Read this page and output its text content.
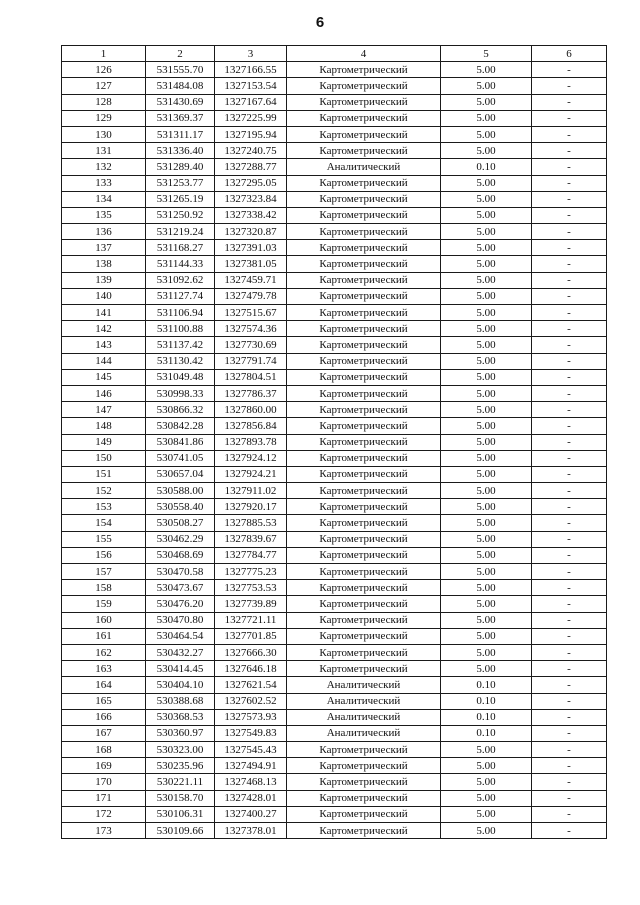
6
1	2	3	4	5	6
126	531555.70	1327166.55	Картометрический	5.00	-
127	531484.08	1327153.54	Картометрический	5.00	-
128	531430.69	1327167.64	Картометрический	5.00	-
129	531369.37	1327225.99	Картометрический	5.00	-
130	531311.17	1327195.94	Картометрический	5.00	-
131	531336.40	1327240.75	Картометрический	5.00	-
132	531289.40	1327288.77	Аналитический	0.10	-
133	531253.77	1327295.05	Картометрический	5.00	-
134	531265.19	1327323.84	Картометрический	5.00	-
135	531250.92	1327338.42	Картометрический	5.00	-
136	531219.24	1327320.87	Картометрический	5.00	-
137	531168.27	1327391.03	Картометрический	5.00	-
138	531144.33	1327381.05	Картометрический	5.00	-
139	531092.62	1327459.71	Картометрический	5.00	-
140	531127.74	1327479.78	Картометрический	5.00	-
141	531106.94	1327515.67	Картометрический	5.00	-
142	531100.88	1327574.36	Картометрический	5.00	-
143	531137.42	1327730.69	Картометрический	5.00	-
144	531130.42	1327791.74	Картометрический	5.00	-
145	531049.48	1327804.51	Картометрический	5.00	-
146	530998.33	1327786.37	Картометрический	5.00	-
147	530866.32	1327860.00	Картометрический	5.00	-
148	530842.28	1327856.84	Картометрический	5.00	-
149	530841.86	1327893.78	Картометрический	5.00	-
150	530741.05	1327924.12	Картометрический	5.00	-
151	530657.04	1327924.21	Картометрический	5.00	-
152	530588.00	1327911.02	Картометрический	5.00	-
153	530558.40	1327920.17	Картометрический	5.00	-
154	530508.27	1327885.53	Картометрический	5.00	-
155	530462.29	1327839.67	Картометрический	5.00	-
156	530468.69	1327784.77	Картометрический	5.00	-
157	530470.58	1327775.23	Картометрический	5.00	-
158	530473.67	1327753.53	Картометрический	5.00	-
159	530476.20	1327739.89	Картометрический	5.00	-
160	530470.80	1327721.11	Картометрический	5.00	-
161	530464.54	1327701.85	Картометрический	5.00	-
162	530432.27	1327666.30	Картометрический	5.00	-
163	530414.45	1327646.18	Картометрический	5.00	-
164	530404.10	1327621.54	Аналитический	0.10	-
165	530388.68	1327602.52	Аналитический	0.10	-
166	530368.53	1327573.93	Аналитический	0.10	-
167	530360.97	1327549.83	Аналитический	0.10	-
168	530323.00	1327545.43	Картометрический	5.00	-
169	530235.96	1327494.91	Картометрический	5.00	-
170	530221.11	1327468.13	Картометрический	5.00	-
171	530158.70	1327428.01	Картометрический	5.00	-
172	530106.31	1327400.27	Картометрический	5.00	-
173	530109.66	1327378.01	Картометрический	5.00	-
